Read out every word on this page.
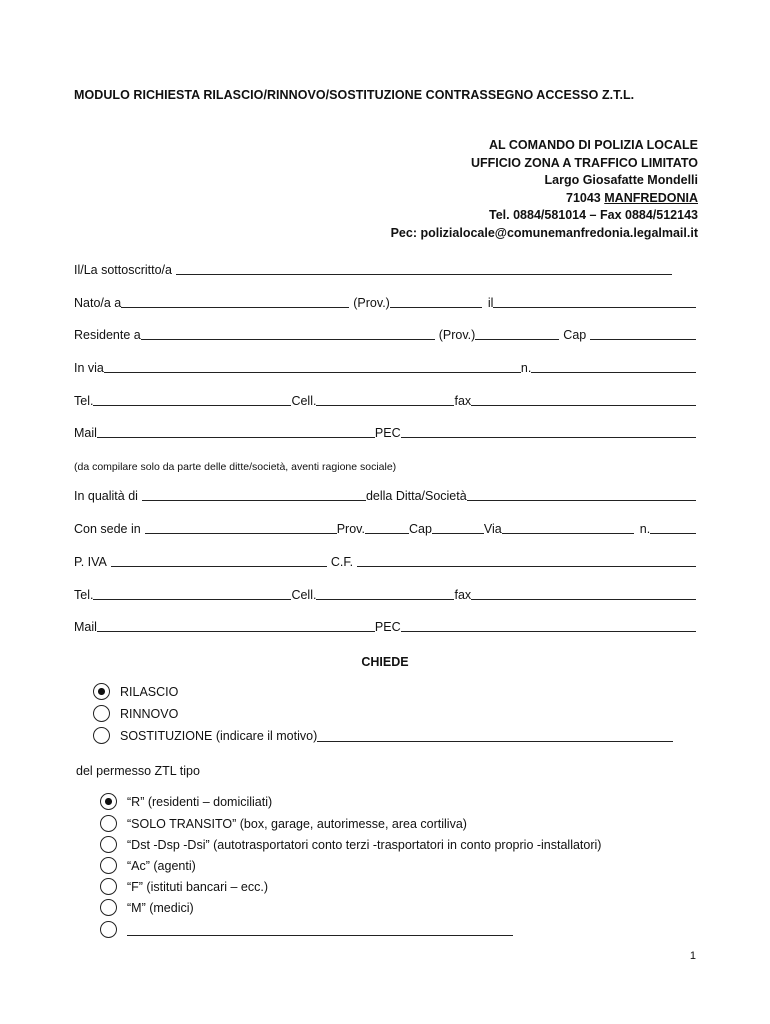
MODULO RICHIESTA RILASCIO/RINNOVO/SOSTITUZIONE CONTRASSEGNO ACCESSO Z.T.L.
AL COMANDO DI POLIZIA LOCALE
UFFICIO ZONA A TRAFFICO LIMITATO
Largo Giosafatte Mondelli
71043 MANFREDONIA
Tel. 0884/581014 – Fax 0884/512143
Pec: polizialocale@comunemanfredonia.legalmail.it
Il/La sottoscritto/a
Nato/a a	(Prov.)	il
Residente a	(Prov.)	Cap
In via	n.
Tel.	Cell.	fax
Mail	PEC
(da compilare solo da parte delle ditte/società, aventi ragione sociale)
In qualità di	della Ditta/Società
Con sede in	Prov.	Cap	Via	n.
P. IVA	C.F.
Tel.	Cell.	fax
Mail	PEC
CHIEDE
RILASCIO
RINNOVO
SOSTITUZIONE (indicare il motivo)
del permesso ZTL tipo
“R” (residenti – domiciliati)
“SOLO TRANSITO” (box, garage, autorimesse, area cortiliva)
“Dst -Dsp -Dsi” (autotrasportatori conto terzi -trasportatori in conto proprio -installatori)
“Ac” (agenti)
“F” (istituti bancari – ecc.)
“M” (medici)
1
